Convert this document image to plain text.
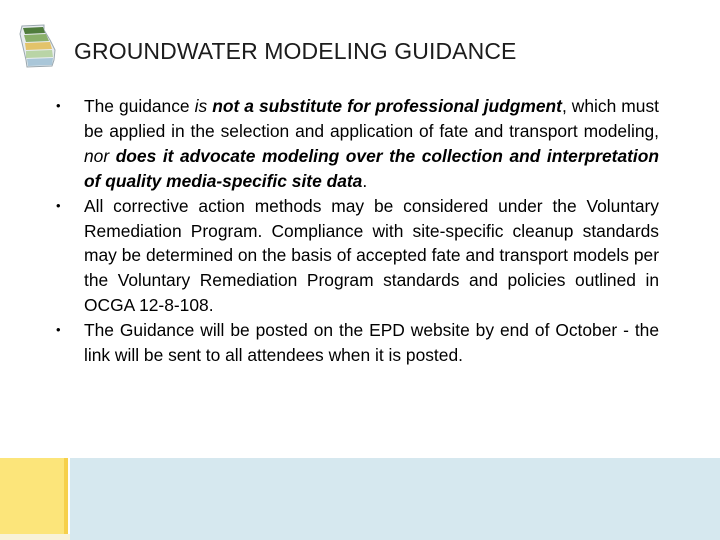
GROUNDWATER MODELING GUIDANCE
• The guidance is not a substitute for professional judgment, which must be applied in the selection and application of fate and transport modeling, nor does it advocate modeling over the collection and interpretation of quality media-specific site data.
• All corrective action methods may be considered under the Voluntary Remediation Program. Compliance with site-specific cleanup standards may be determined on the basis of accepted fate and transport models per the Voluntary Remediation Program standards and policies outlined in OCGA 12-8-108.
• The Guidance will be posted on the EPD website by end of October - the link will be sent to all attendees when it is posted.
